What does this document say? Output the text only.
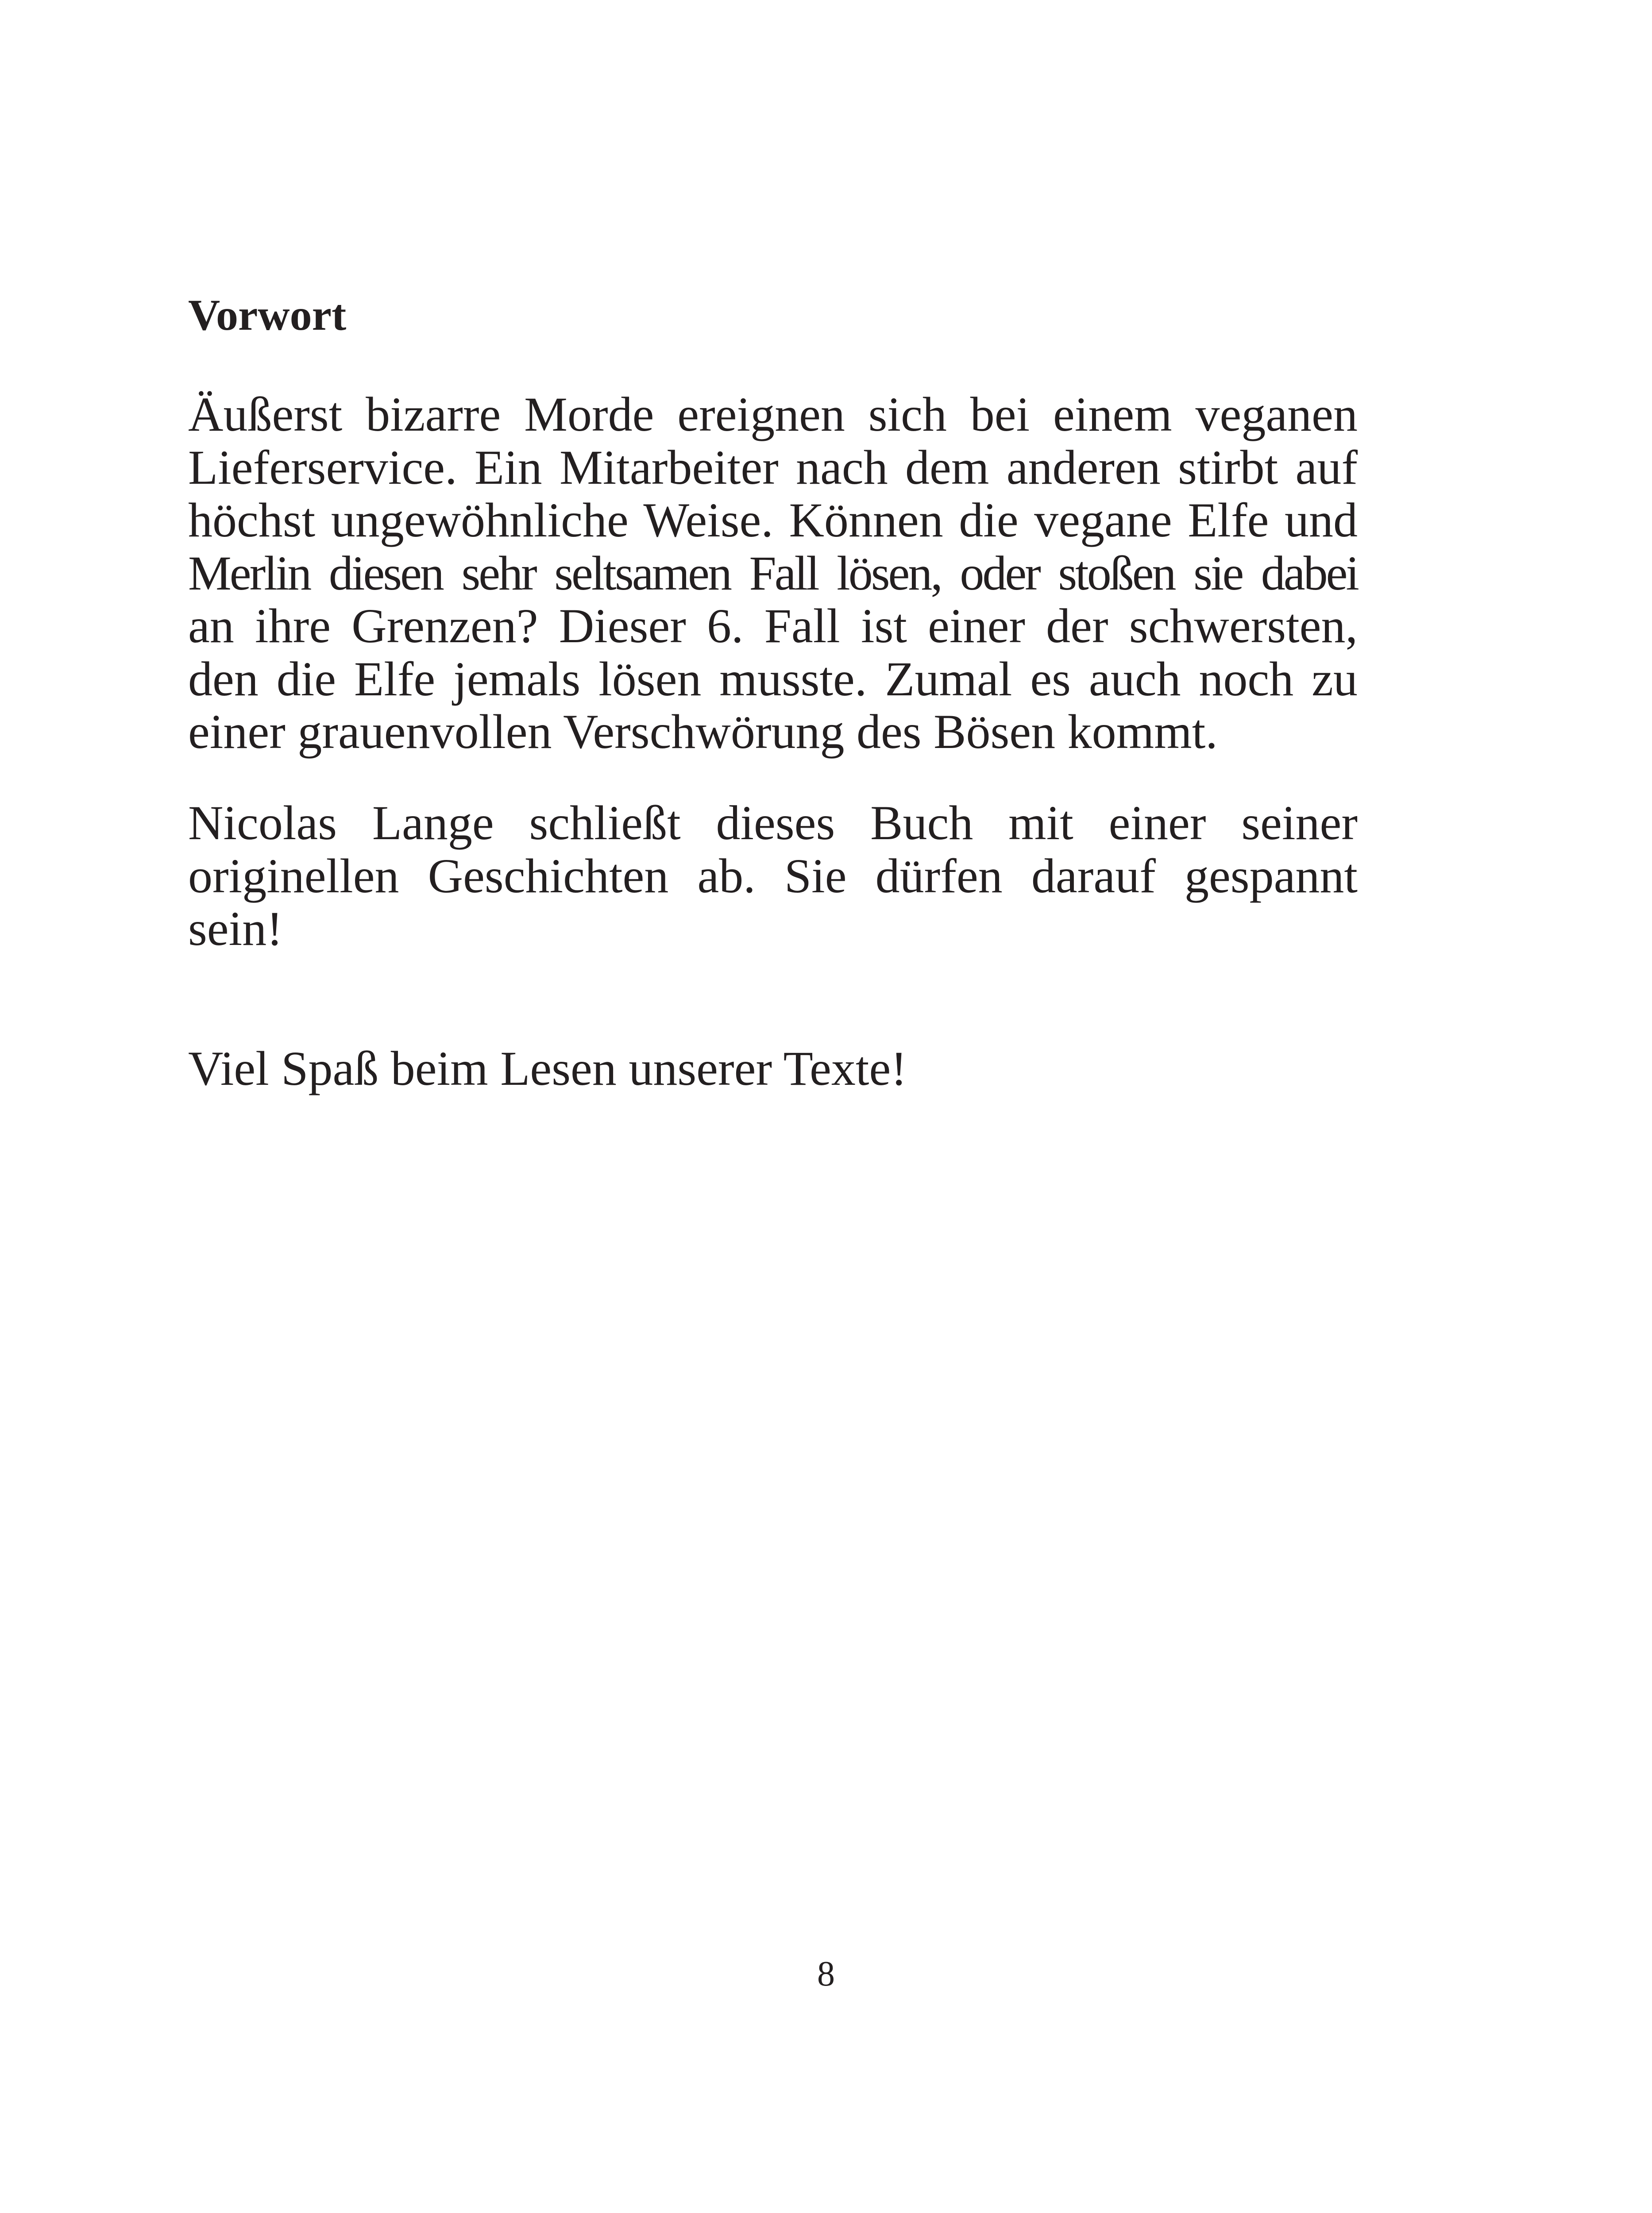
Vorwort

Äußerst bizarre Morde ereignen sich bei einem veganen
Lieferservice. Ein Mitarbeiter nach dem anderen stirbt auf
höchst ungewöhnliche Weise. Können die vegane Elfe und
Merlin diesen sehr seltsamen Fall lösen, oder stoßen sie dabei
an ihre Grenzen? Dieser 6. Fall ist einer der schwersten,
den die Elfe jemals lösen musste. Zumal es auch noch zu
einer grauenvollen Verschwörung des Bösen kommt.

Nicolas Lange schließt dieses Buch mit einer seiner
originellen Geschichten ab. Sie dürfen darauf gespannt
sein!

Viel Spaß beim Lesen unserer Texte!

8
